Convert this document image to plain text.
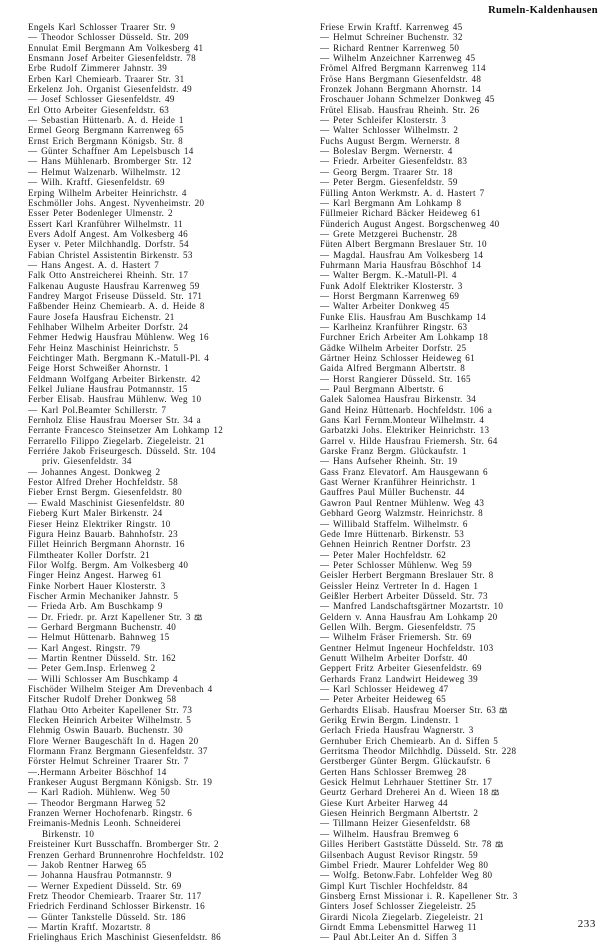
Rumeln-Kaldenhausen
Engels Karl Schlosser Traarer Str. 9
— Theodor Schlosser Düsseld. Str. 209
Ennulat Emil Bergmann Am Volkesberg 41
Ensmann Josef Arbeiter Giesenfeldstr. 78
Erbe Rudolf Zimmerer Jahnstr. 39
Erben Karl Chemiearb. Traarer Str. 31
Erkelenz Joh. Organist Giesenfeldstr. 49
— Josef Schlosser Giesenfeldstr. 49
Erl Otto Arbeiter Giesenfeldstr. 63
— Sebastian Hüttenarb. A. d. Heide 1
Ermel Georg Bergmann Karrenweg 65
Ernst Erich Bergmann Königsb. Str. 8
— Günter Schaffner Am Lepelsbusch 14
— Hans Mühlenarb. Bromberger Str. 12
— Helmut Walzenarb. Wilhelmstr. 12
— Wilh. Kraftf. Giesenfeldstr. 69
Erping Wilhelm Arbeiter Heinrichstr. 4
Eschmöller Johs. Angest. Nyvenheimstr. 20
Esser Peter Bodenleger Ulmenstr. 2
Essert Karl Kranführer Wilhelmstr. 11
Evers Adolf Angest. Am Volkesberg 46
Eyser v. Peter Milchhandlg. Dorfstr. 54
Fabian Christel Assistentin Birkenstr. 53
— Hans Angest. A. d. Hastert 7
Falk Otto Anstreicherei Rheinh. Str. 17
Falkenau Auguste Hausfrau Karrenweg 59
Fandrey Margot Friseuse Düsseld. Str. 171
Faßbender Heinz Chemiearb. A. d. Heide 8
Faure Josefa Hausfrau Eichenstr. 21
Fehlhaber Wilhelm Arbeiter Dorfstr. 24
Fehmer Hedwig Hausfrau Mühlenw. Weg 16
Fehr Heinz Maschinist Heinrichstr. 5
Feichtinger Math. Bergmann K.-Matull-Pl. 4
Feige Horst Schweißer Ahornstr. 1
Feldmann Wolfgang Arbeiter Birkenstr. 42
Felkel Juliane Hausfrau Potmannstr. 15
Ferber Elisab. Hausfrau Mühlenw. Weg 10
— Karl Pol.Beamter Schillerstr. 7
Fernholz Elise Hausfrau Moerser Str. 34 a
Ferrante Francesco Steinsetzer Am Lohkamp 12
Ferrarello Filippo Ziegelarb. Ziegeleistr. 21
Ferriére Jakob Friseurgesch. Düsseld. Str. 104
priv. Giesenfeldstr. 34
— Johannes Angest. Donkweg 2
Festor Alfred Dreher Hochfeldstr. 58
Fieber Ernst Bergm. Giesenfeldstr. 80
— Ewald Maschinist Giesenfeldstr. 80
Fieberg Kurt Maler Birkenstr. 24
Fieser Heinz Elektriker Ringstr. 10
Figura Heinz Bauarb. Bahnhofstr. 23
Fillet Heinrich Bergmann Ahornstr. 16
Filmtheater Koller Dorfstr. 21
Filor Wolfg. Bergm. Am Volkesberg 40
Finger Heinz Angest. Harweg 61
Finke Norbert Hauer Klosterstr. 3
Fischer Armin Mechaniker Jahnstr. 5
— Frieda Arb. Am Buschkamp 9
— Dr. Friedr. pr. Arzt Kapellener Str. 3
— Gerhard Bergmann Buchenstr. 40
— Helmut Hüttenarb. Bahnweg 15
— Karl Angest. Ringstr. 79
— Martin Rentner Düsseld. Str. 162
— Peter Gem.Insp. Erlenweg 2
— Willi Schlosser Am Buschkamp 4
Fischöder Wilhelm Steiger Am Drevenbach 4
Fitscher Rudolf Dreher Donkweg 58
Flathau Otto Arbeiter Kapellener Str. 73
Flecken Heinrich Arbeiter Wilhelmstr. 5
Flehmig Oswin Bauarb. Buchenstr. 30
Flore Werner Baugeschäft In d. Hagen 20
Flormann Franz Bergmann Giesenfeldstr. 37
Förster Helmut Schreiner Traarer Str. 7
—.Hermann Arbeiter Böschhof 14
Frankeser August Bergmann Königsb. Str. 19
— Karl Radioh. Mühlenw. Weg 50
— Theodor Bergmann Harweg 52
Franzen Werner Hochofenarb. Ringstr. 6
Freimanis-Mednis Leonh. Schneiderei
Birkenstr. 10
Freisteiner Kurt Busschaffn. Bromberger Str. 2
Frenzen Gerhard Brunnenrohre Hochfeldstr. 102
— Jakob Rentner Harweg 65
— Johanna Hausfrau Potmannstr. 9
— Werner Expedient Düsseld. Str. 69
Fretz Theodor Chemiearb. Traarer Str. 117
Friedrich Ferdinand Schlosser Birkenstr. 16
— Günter Tankstelle Düsseld. Str. 186
— Martin Kraftf. Mozartstr. 8
Frielinghaus Erich Maschinist Giesenfeldstr. 86
Friese Erwin Kraftf. Karrenweg 45
— Helmut Schreiner Buchenstr. 32
— Richard Rentner Karrenweg 50
— Wilhelm Anzeichner Karrenweg 45
Frömel Alfred Bergmann Karrenweg 114
Fröse Hans Bergmann Giesenfeldstr. 48
Fronzek Johann Bergmann Ahornstr. 14
Froschauer Johann Schmelzer Donkweg 45
Frütel Elisab. Hausfrau Rheinh. Str. 26
— Peter Schleifer Klosterstr. 3
— Walter Schlosser Wilhelmstr. 2
Fuchs August Bergm. Wernerstr. 8
— Boleslav Bergm. Wernerstr. 4
— Friedr. Arbeiter Giesenfeldstr. 83
— Georg Bergm. Traarer Str. 18
— Peter Bergm. Giesenfeldstr. 59
Fülling Anton Werkmstr. A. d. Hastert 7
— Karl Bergmann Am Lohkamp 8
Füllmeier Richard Bäcker Heideweg 61
Fünderich August Angest. Borgschenweg 40
— Grete Metzgerei Buchenstr. 28
Füten Albert Bergmann Breslauer Str. 10
— Magdal. Hausfrau Am Volkesberg 14
Fuhrmann Maria Hausfrau Böschhof 14
— Walter Bergm. K.-Matull-Pl. 4
Funk Adolf Elektriker Klosterstr. 3
— Horst Bergmann Karrenweg 69
— Walter Arbeiter Donkweg 45
Funke Elis. Hausfrau Am Buschkamp 14
— Karlheinz Kranführer Ringstr. 63
Furchner Erich Arbeiter Am Lohkamp 18
Gädke Wilhelm Arbeiter Dorfstr. 25
Gärtner Heinz Schlosser Heideweg 61
Gaida Alfred Bergmann Albertstr. 8
— Horst Rangierer Düsseld. Str. 165
— Paul Bergmann Albertstr. 6
Galek Salomea Hausfrau Birkenstr. 34
Gand Heinz Hüttenarb. Hochfeldstr. 106 a
Gans Karl Fernm.Monteur Wilhelmstr. 4
Garbatzki Johs. Elektriker Heinrichstr. 13
Garrel v. Hilde Hausfrau Friemersh. Str. 64
Garske Franz Bergm. Glückaufstr. 1
— Hans Aufseher Rheinh. Str. 19
Gass Franz Elevatorf. Am Hausgewann 6
Gast Werner Kranführer Heinrichstr. 1
Gauffres Paul Müller Buchenstr. 44
Gawron Paul Rentner Mühlenw. Weg 43
Gebhard Georg Walzmstr. Heinrichstr. 8
— Willibald Staffelm. Wilhelmstr. 6
Gede Imre Hüttenarb. Birkenstr. 53
Gehnen Heinrich Rentner Dorfstr. 23
— Peter Maler Hochfeldstr. 62
— Peter Schlosser Mühlenw. Weg 59
Geisler Herbert Bergmann Breslauer Str. 8
Geissler Heinz Vertreter In d. Hagen 1
Geißler Herbert Arbeiter Düsseld. Str. 73
— Manfred Landschaftsgärtner Mozartstr. 10
Geldern v. Anna Hausfrau Am Lohkamp 20
Gellen Wilh. Bergm. Giesenfeldstr. 75
— Wilhelm Fräser Friemersh. Str. 69
Gentner Helmut Ingeneur Hochfeldstr. 103
Genutt Wilhelm Arbeiter Dorfstr. 40
Geppert Fritz Arbeiter Giesenfeldstr. 69
Gerhards Franz Landwirt Heideweg 39
— Karl Schlosser Heideweg 47
— Peter Arbeiter Heideweg 65
Gerhardts Elisab. Hausfrau Moerser Str. 63
Gerikg Erwin Bergm. Lindenstr. 1
Gerlach Frieda Hausfrau Wagnerstr. 3
Gernhuber Erich Chemiearb. An d. Siffen 5
Gerritsma Theodor Milchhdlg. Düsseld. Str. 228
Gerstberger Günter Bergm. Glückaufstr. 6
Gerten Hans Schlosser Bremweg 28
Gesick Helmut Lehrhauer Stettiner Str. 17
Geurtz Gerhard Dreherei An d. Wieen 18
Giese Kurt Arbeiter Harweg 44
Giesen Heinrich Bergmann Albertstr. 2
— Tillmann Heizer Giesenfeldstr. 68
— Wilhelm. Hausfrau Bremweg 6
Gilles Heribert Gaststätte Düsseld. Str. 78
Gilsenbach August Revisor Ringstr. 59
Gimbel Friedr. Maurer Lohfelder Weg 80
— Wolfg. Betonw.Fabr. Lohfelder Weg 80
Gimpl Kurt Tischler Hochfeldstr. 84
Ginsberg Ernst Missionar i. R. Kapellener Str. 3
Ginters Josef Schlosser Ziegeleistr. 25
Girardi Nicola Ziegelarb. Ziegeleistr. 21
Girndt Emma Lebensmittel Harweg 11
— Paul Abt.Leiter An d. Siffen 3
233
